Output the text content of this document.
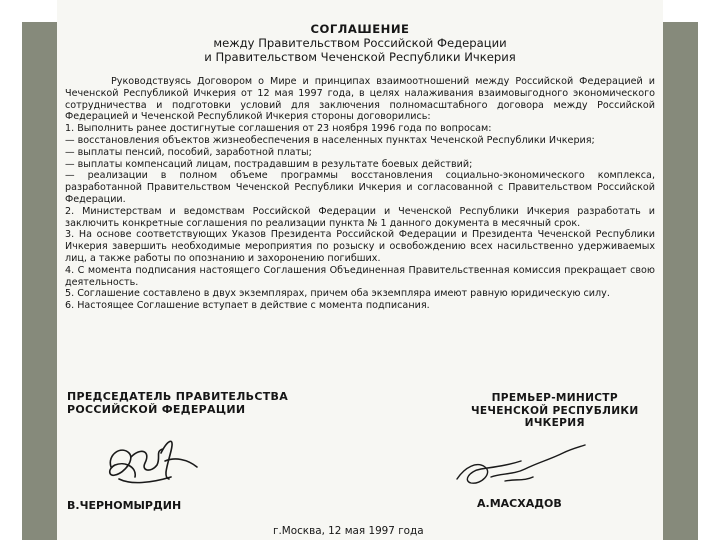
СОГЛАШЕНИЕ
между Правительством Российской Федерации
и Правительством Чеченской Республики Ичкерия

Руководствуясь Договором о Мире и принципах взаимоотношений между Российской Федерацией и Чеченской Республикой Ичкерия от 12 мая 1997 года, в целях налаживания взаимовыгодного экономического сотрудничества и подготовки условий для заключения полномасштабного договора между Российской Федерацией и Чеченской Республикой Ичкерия стороны договорились:

1. Выполнить ранее достигнутые соглашения от 23 ноября 1996 года по вопросам:

— восстановления объектов жизнеобеспечения в населенных пунктах Чеченской Республики Ичкерия;

— выплаты пенсий, пособий, заработной платы;

— выплаты компенсаций лицам, пострадавшим в результате боевых действий;

— реализации в полном объеме программы восстановления социально-экономического комплекса, разработанной Правительством Чеченской Республики Ичкерия и согласованной с Правительством Российской Федерации.

2. Министерствам и ведомствам Российской Федерации и Чеченской Республики Ичкерия разработать и заключить конкретные соглашения по реализации пункта № 1 данного документа в месячный срок.

3. На основе соответствующих Указов Президента Российской Федерации и Президента Чеченской Республики Ичкерия завершить необходимые мероприятия по розыску и освобождению всех насильственно удерживаемых лиц, а также работы по опознанию и захоронению погибших.

4. С момента подписания настоящего Соглашения Объединенная Правительственная комиссия прекращает свою деятельность.

5. Соглашение составлено в двух экземплярах, причем оба экземпляра имеют равную юридическую силу.

6. Настоящее Соглашение вступает в действие с момента подписания.

ПРЕДСЕДАТЕЛЬ ПРАВИТЕЛЬСТВА
РОССИЙСКОЙ ФЕДЕРАЦИИ
ПРЕМЬЕР-МИНИСТР
ЧЕЧЕНСКОЙ РЕСПУБЛИКИ
ИЧКЕРИЯ
В.ЧЕРНОМЫРДИН	А.МАСХАДОВ
г.Москва, 12 мая 1997 года
